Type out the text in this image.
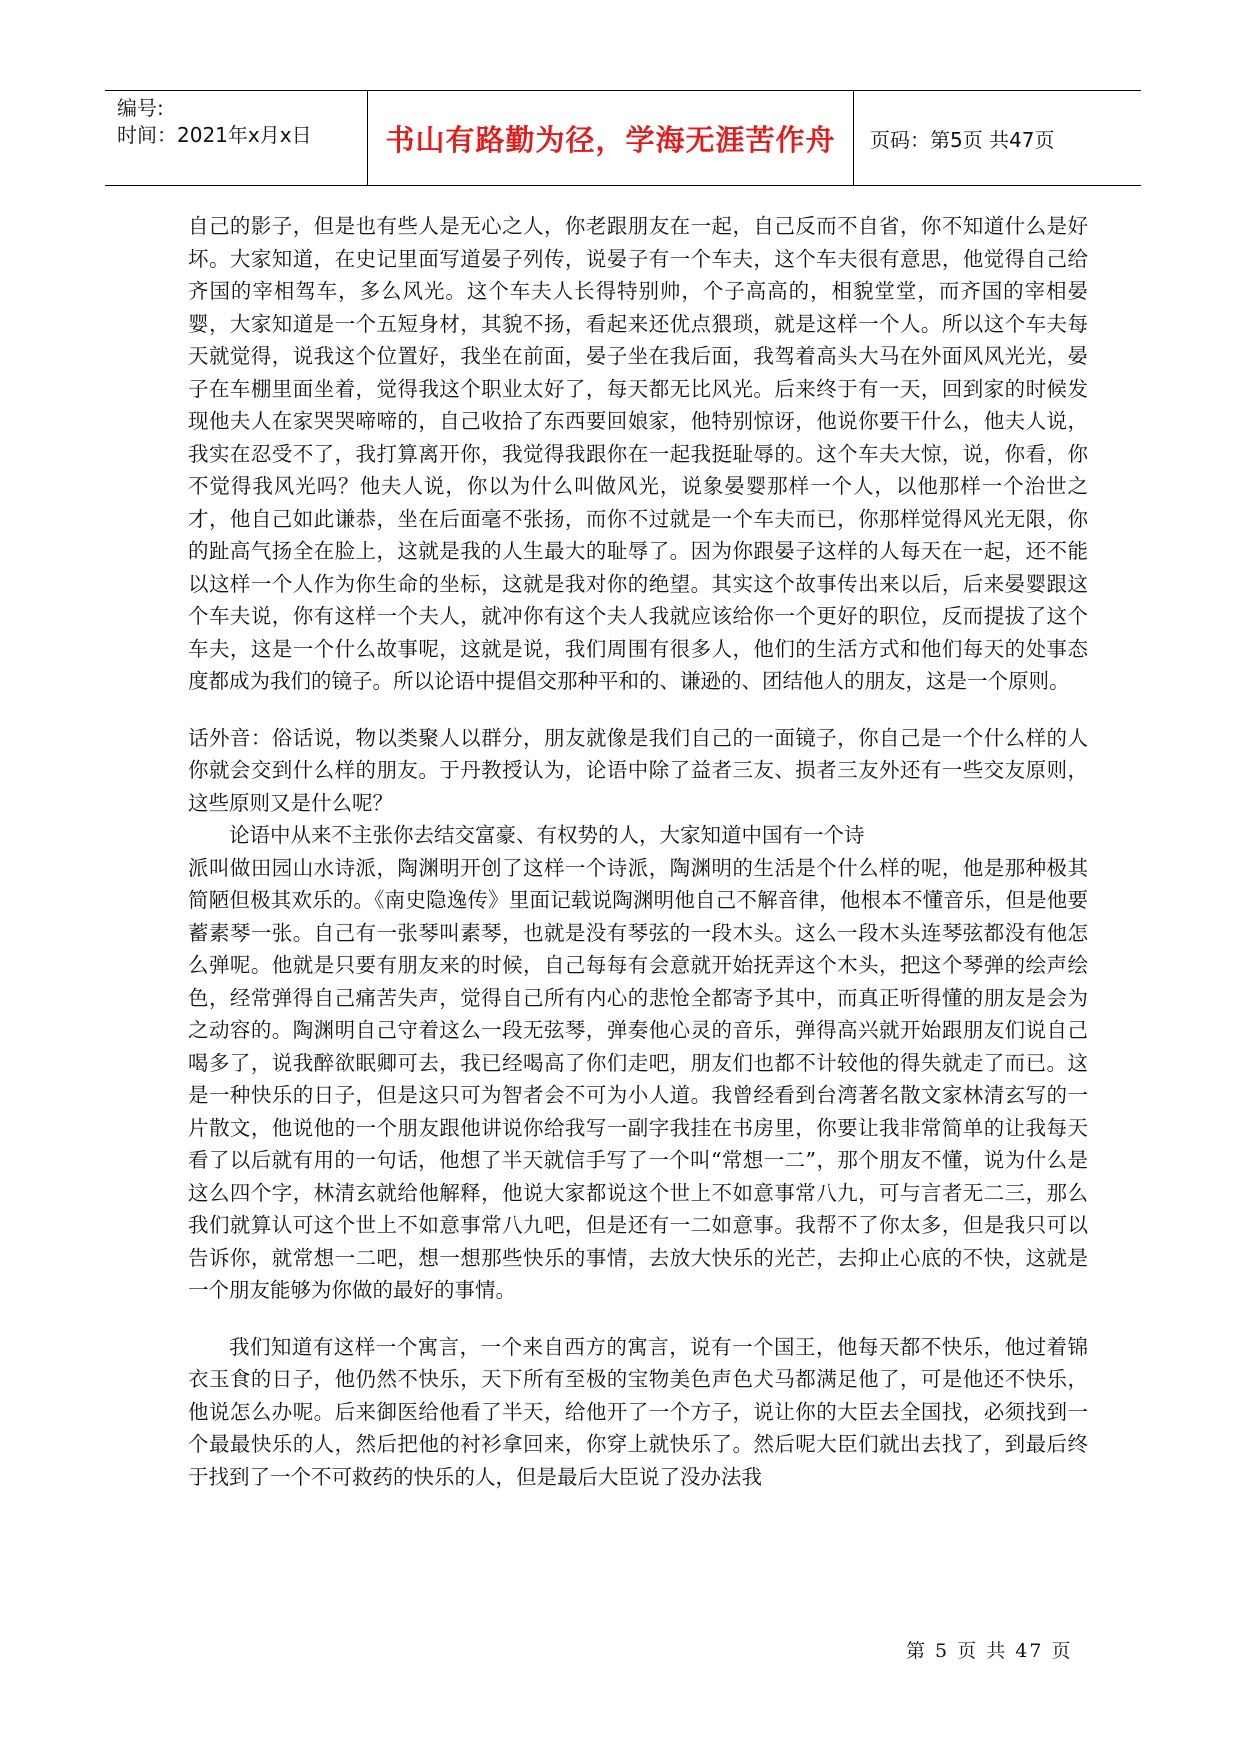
编号:
时间：2021年x月x日	书山有路勤为径，学海无涯苦作舟	页码：第5页 共47页

自己的影子，但是也有些人是无心之人，你老跟朋友在一起，自己反而不自省，你不知道什么是好坏。大家知道，在史记里面写道晏子列传，说晏子有一个车夫，这个车夫很有意思，他觉得自己给齐国的宰相驾车，多么风光。这个车夫人长得特别帅，个子高高的，相貌堂堂，而齐国的宰相晏婴，大家知道是一个五短身材，其貌不扬，看起来还优点猥琐，就是这样一个人。所以这个车夫每天就觉得，说我这个位置好，我坐在前面，晏子坐在我后面，我驾着高头大马在外面风风光光，晏子在车棚里面坐着，觉得我这个职业太好了，每天都无比风光。后来终于有一天，回到家的时候发现他夫人在家哭哭啼啼的，自己收拾了东西要回娘家，他特别惊讶，他说你要干什么，他夫人说，我实在忍受不了，我打算离开你，我觉得我跟你在一起我挺耻辱的。这个车夫大惊，说，你看，你不觉得我风光吗？他夫人说，你以为什么叫做风光，说象晏婴那样一个人，以他那样一个治世之才，他自己如此谦恭，坐在后面毫不张扬，而你不过就是一个车夫而已，你那样觉得风光无限，你的趾高气扬全在脸上，这就是我的人生最大的耻辱了。因为你跟晏子这样的人每天在一起，还不能以这样一个人作为你生命的坐标，这就是我对你的绝望。其实这个故事传出来以后，后来晏婴跟这个车夫说，你有这样一个夫人，就冲你有这个夫人我就应该给你一个更好的职位，反而提拔了这个车夫，这是一个什么故事呢，这就是说，我们周围有很多人，他们的生活方式和他们每天的处事态度都成为我们的镜子。所以论语中提倡交那种平和的、谦逊的、团结他人的朋友，这是一个原则。

话外音：俗话说，物以类聚人以群分，朋友就像是我们自己的一面镜子，你自己是一个什么样的人你就会交到什么样的朋友。于丹教授认为，论语中除了益者三友、损者三友外还有一些交友原则，这些原则又是什么呢？

论语中从来不主张你去结交富豪、有权势的人，大家知道中国有一个诗

派叫做田园山水诗派，陶渊明开创了这样一个诗派，陶渊明的生活是个什么样的呢，他是那种极其简陋但极其欢乐的。《南史隐逸传》里面记载说陶渊明他自己不解音律，他根本不懂音乐，但是他要蓄素琴一张。自己有一张琴叫素琴，也就是没有琴弦的一段木头。这么一段木头连琴弦都没有他怎么弹呢。他就是只要有朋友来的时候，自己每每有会意就开始抚弄这个木头，把这个琴弹的绘声绘色，经常弹得自己痛苦失声，觉得自己所有内心的悲怆全都寄予其中，而真正听得懂的朋友是会为之动容的。陶渊明自己守着这么一段无弦琴，弹奏他心灵的音乐，弹得高兴就开始跟朋友们说自己喝多了，说我醉欲眠卿可去，我已经喝高了你们走吧，朋友们也都不计较他的得失就走了而已。这是一种快乐的日子，但是这只可为智者会不可为小人道。我曾经看到台湾著名散文家林清玄写的一片散文，他说他的一个朋友跟他讲说你给我写一副字我挂在书房里，你要让我非常简单的让我每天看了以后就有用的一句话，他想了半天就信手写了一个叫“常想一二”，那个朋友不懂，说为什么是这么四个字，林清玄就给他解释，他说大家都说这个世上不如意事常八九，可与言者无二三，那么我们就算认可这个世上不如意事常八九吧，但是还有一二如意事。我帮不了你太多，但是我只可以告诉你，就常想一二吧，想一想那些快乐的事情，去放大快乐的光芒，去抑止心底的不快，这就是一个朋友能够为你做的最好的事情。

我们知道有这样一个寓言，一个来自西方的寓言，说有一个国王，他每天都不快乐，他过着锦衣玉食的日子，他仍然不快乐，天下所有至极的宝物美色声色犬马都满足他了，可是他还不快乐，他说怎么办呢。后来御医给他看了半天，给他开了一个方子，说让你的大臣去全国找，必须找到一个最最快乐的人，然后把他的衬衫拿回来，你穿上就快乐了。然后呢大臣们就出去找了，到最后终于找到了一个不可救药的快乐的人，但是最后大臣说了没办法我

第 5 页 共 47 页
